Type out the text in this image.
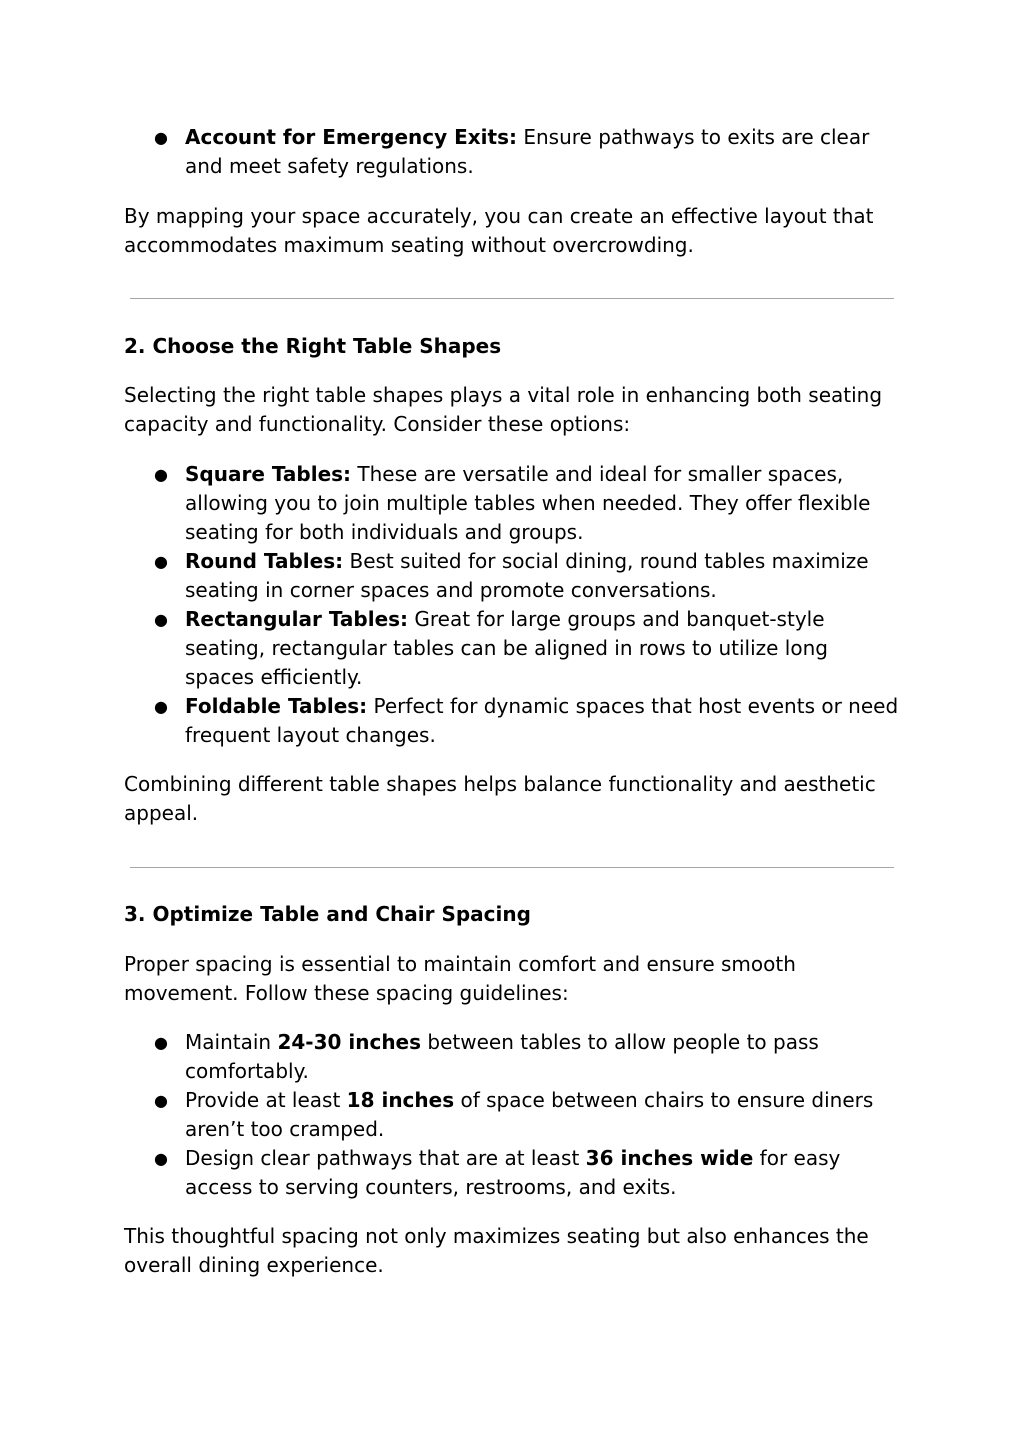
● Account for Emergency Exits: Ensure pathways to exits are clear and meet safety regulations.

By mapping your space accurately, you can create an effective layout that accommodates maximum seating without overcrowding.

2. Choose the Right Table Shapes

Selecting the right table shapes plays a vital role in enhancing both seating capacity and functionality. Consider these options:

● Square Tables: These are versatile and ideal for smaller spaces, allowing you to join multiple tables when needed. They offer flexible seating for both individuals and groups.
● Round Tables: Best suited for social dining, round tables maximize seating in corner spaces and promote conversations.
● Rectangular Tables: Great for large groups and banquet-style seating, rectangular tables can be aligned in rows to utilize long spaces efficiently.
● Foldable Tables: Perfect for dynamic spaces that host events or need frequent layout changes.

Combining different table shapes helps balance functionality and aesthetic appeal.

3. Optimize Table and Chair Spacing

Proper spacing is essential to maintain comfort and ensure smooth movement. Follow these spacing guidelines:

● Maintain 24-30 inches between tables to allow people to pass comfortably.
● Provide at least 18 inches of space between chairs to ensure diners aren’t too cramped.
● Design clear pathways that are at least 36 inches wide for easy access to serving counters, restrooms, and exits.

This thoughtful spacing not only maximizes seating but also enhances the overall dining experience.
